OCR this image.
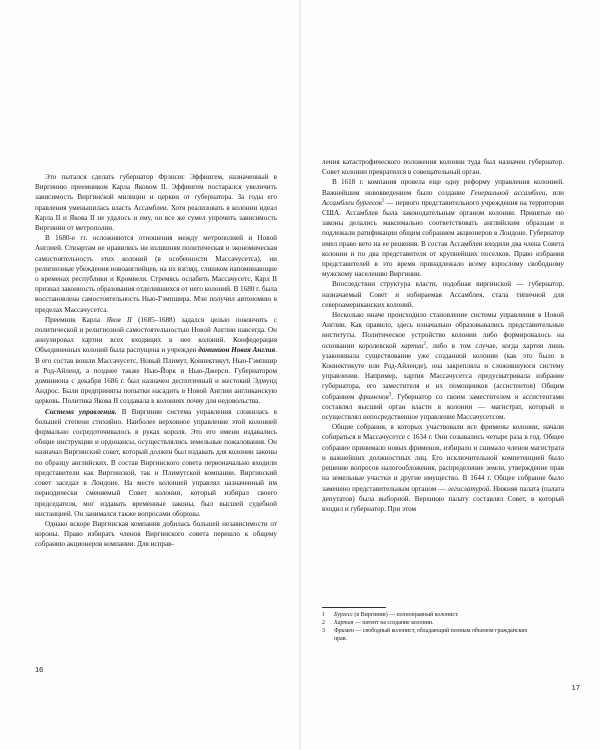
Это пытался сделать губернатор Фрэнсис Эффингем, назначенный в Виргинию преемником Карла Яковом II. Эффингем постарался увеличить зависимость Виргинской милиции и церкви от губернатора. За годы его правления уменьшилась власть Ассамблеи. Хотя реализовать в колонии идеал Карла II и Якова II не удалось и ему, он все же сумел упрочить зависимость Виргинии от метрополии.

В 1680-е гг. осложняются отношения между метрополией и Новой Англией. Стюартам не нравились ни излишняя политическая и экономическая самостоятельность этих колоний (в особенности Массачусетса), ни религиозные убеждения новоанглийцев, на их взгляд, слишком напоминающие о временах республики и Кромвеля. Стремясь ослабить Массачусетс, Карл II признал законность образования отделившихся от него колоний. В 1680 г. была восстановлена самостоятельность Нью-Гэмпшира. Мэн получил автономию в пределах Массачусетса.

Преемник Карла Яков II (1685–1688) задался целью покончить с политической и религиозной самостоятельностью Новой Англии навсегда. Он аннулировал хартии всех входящих в нее колоний. Конфедерация Объединенных колоний была распущена и учрежден доминион Новая Англия. В его состав вошли Массачусетс, Новый Плимут, Коннектикут, Нью-Гэмпшир и Род-Айленд, а позднее также Нью-Йорк и Нью-Джерси. Губернатором доминиона с декабря 1686 г. был назначен деспотичный и жестокий Эдмунд Андрос. Были предприняты попытки насадить в Новой Англии англиканскую церковь. Политика Якова II создавала в колониях почву для недовольства.

Система управления. В Виргинии система управления сложилась в большей степени стихийно. Наиболее верховное управление этой колонией формально сосредоточивалось в руках короля. Это его имени издавались общие инструкции и ордонансы, осуществлялись земельные пожалования. Он назначал Виргинский совет, который должен был издавать для колонии законы по образцу английских. В состав Виргинского совета первоначально входили представители как Виргинской, так и Плимутской компании. Виргинский совет заседал в Лондоне. На месте колонией управлял назначенный им периодически сменяемый Совет колонии, который избирал своего председателя, мог издавать временные законы, был высшей судебной инстанцией. Он занимался также вопросами обороны.

Однако вскоре Виргинская компания добилась большей независимости от короны. Право избирать членов Виргинского совета перешло к общему собранию акционеров компании. Для исправ-

16

ления катастрофического положения колонии туда был назначен губернатор. Совет колонии превратился в совещательный орган.

В 1618 г. компания провела еще одну реформу управления колонией. Важнейшим нововведением было создание Генеральной ассамблеи, или Ассамблеи бургесов$^1$ — первого представительного учреждения на территории США. Ассамблея была законодательным органом колонии. Принятые ею законы делались максимально соответствовать английским образцам и подлежали ратификации общим собранием акционеров в Лондоне. Губернатор имел право вето на ее решения. В состав Ассамблеи входили два члена Совета колонии и по два представителя от крупнейших поселков. Право избрания представителей в это время принадлежало всему взрослому свободному мужскому населению Виргинии.

Впоследствии структура власти, подобная виргинской — губернатор, назначаемый Совет и избираемая Ассамблея, стала типичной для североамериканских колоний.

Несколько иначе происходило становление системы управления в Новой Англии. Как правило, здесь изначально образовывались представительные институты. Политическое устройство колонии либо формировалось на основании королевской хартии$^2$, либо в том случае, когда хартия лишь узаконивала существование уже созданной колонии (как это было в Коннектикуте или Род-Айленде), она закрепляла и сложившуюся систему управления. Например, хартия Массачусетса предусматривала избрание губернатора, его заместителя и их помощников (ассистентов) Общим собранием фрименов$^3$. Губернатор со своим заместителем и ассистентами составлял высший орган власти в колонии — магистрат, который и осуществлял непосредственное управление Массачусетсом.

Общие собрания, в которых участвовали все фримены колонии, начали собираться в Массачусетсе с 1634 г. Они созывались четыре раза в год. Общее собрание принимало новых фрименов, избирало и снимало членов магистрата и важнейших должностных лиц. Его исключительной компетенцией было решение вопросов налогообложения, распределение земли, утверждение прав на земельные участки и другие имущество. В 1644 г. Общее собрание было заменено представительным органом — легислатурой. Нижняя палата (палата депутатов) была выборной. Верхнюю палату составлял Совет, в который входил и губернатор. При этом

1	Бургесс (в Виргинии) — полноправный колонист.
2	Хартия — патент на создание колонии.
3	Фримен — свободный колонист, обладающий полным объемом гражданских
прав.
17
